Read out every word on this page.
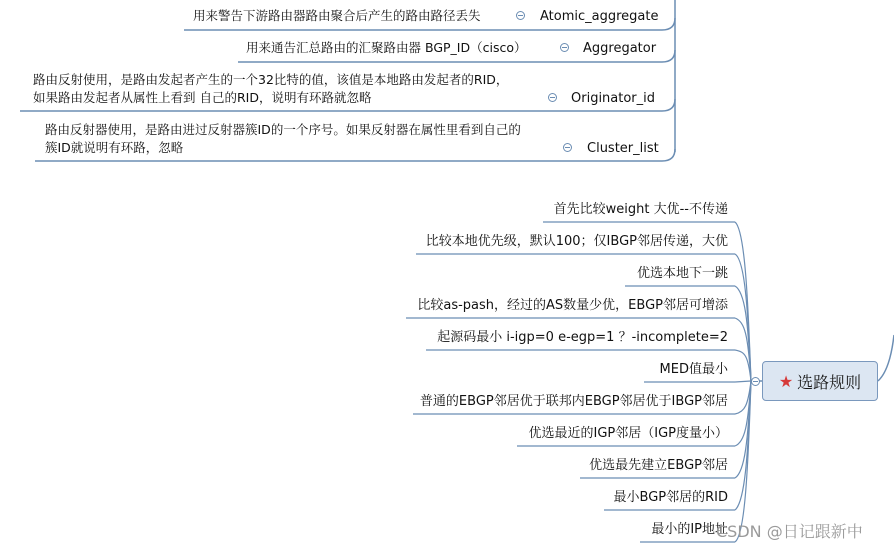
用来警告下游路由器路由聚合后产生的路由路径丢失	Atomic_aggregate
用来通告汇总路由的汇聚路由器 BGP_ID（cisco）	Aggregator
路由反射使用，是路由发起者产生的一个32比特的值，该值是本地路由发起者的RID，
如果路由发起者从属性上看到 自己的RID，说明有环路就忽略	Originator_id
路由反射器使用，是路由进过反射器簇ID的一个序号。如果反射器在属性里看到自己的
簇ID就说明有环路，忽略	Cluster_list
首先比较weight 大优--不传递
比较本地优先级，默认100；仅IBGP邻居传递，大优
优选本地下一跳
比较as-pash，经过的AS数量少优，EBGP邻居可增添
起源码最小 i-igp=0 e-egp=1 ？-incomplete=2
MED值最小
普通的EBGP邻居优于联邦内EBGP邻居优于IBGP邻居
优选最近的IGP邻居（IGP度量小）
优选最先建立EBGP邻居
最小BGP邻居的RID
最小的IP地址
★ 选路规则
CSDN @日记跟新中
